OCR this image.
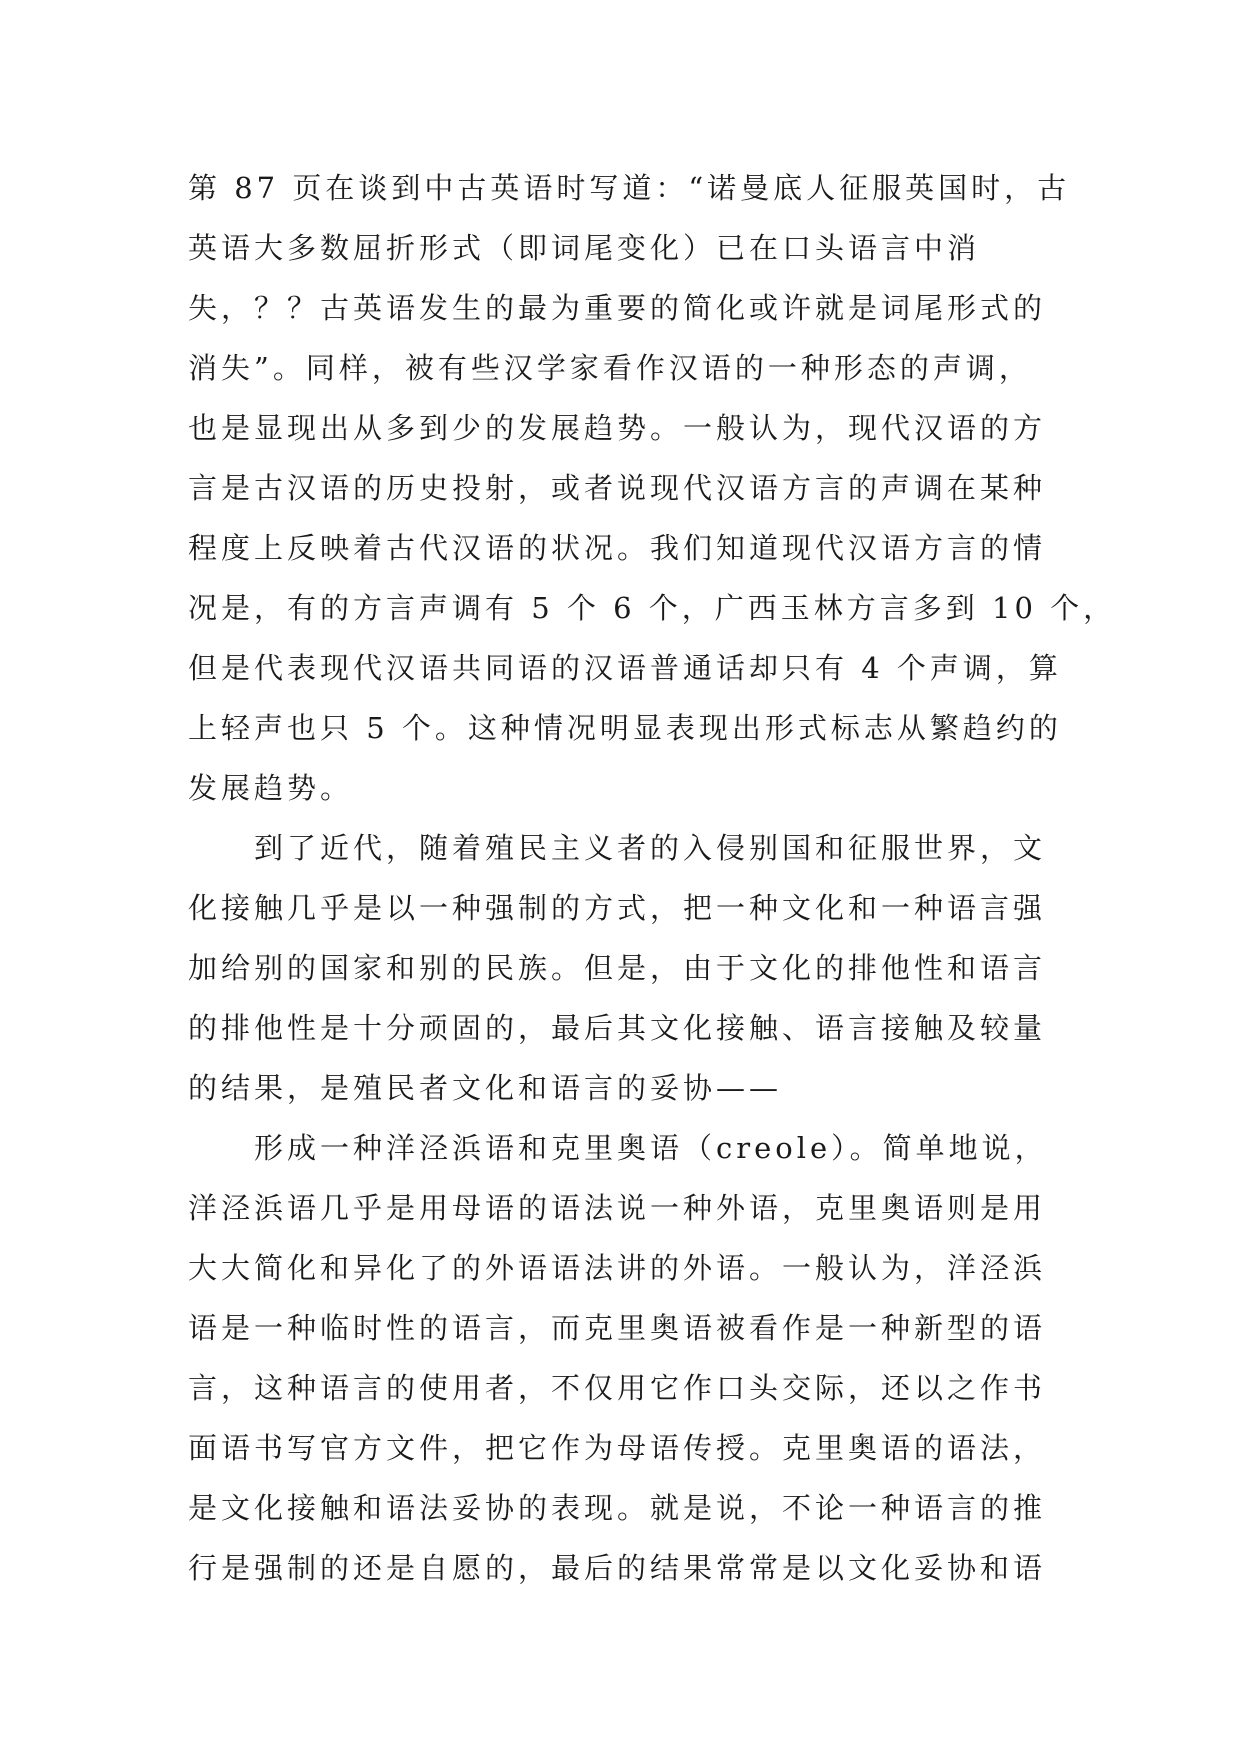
第 87 页在谈到中古英语时写道：“诺曼底人征服英国时，古
英语大多数屈折形式（即词尾变化）已在口头语言中消
失，？？古英语发生的最为重要的简化或许就是词尾形式的
消失”。同样，被有些汉学家看作汉语的一种形态的声调，
也是显现出从多到少的发展趋势。一般认为，现代汉语的方
言是古汉语的历史投射，或者说现代汉语方言的声调在某种
程度上反映着古代汉语的状况。我们知道现代汉语方言的情
况是，有的方言声调有 5 个 6 个，广西玉林方言多到 10 个，
但是代表现代汉语共同语的汉语普通话却只有 4 个声调，算
上轻声也只 5 个。这种情况明显表现出形式标志从繁趋约的
发展趋势。
　　到了近代，随着殖民主义者的入侵别国和征服世界，文
化接触几乎是以一种强制的方式，把一种文化和一种语言强
加给别的国家和别的民族。但是，由于文化的排他性和语言
的排他性是十分顽固的，最后其文化接触、语言接触及较量
的结果，是殖民者文化和语言的妥协——
　　形成一种洋泾浜语和克里奥语（creole）。简单地说，
洋泾浜语几乎是用母语的语法说一种外语，克里奥语则是用
大大简化和异化了的外语语法讲的外语。一般认为，洋泾浜
语是一种临时性的语言，而克里奥语被看作是一种新型的语
言，这种语言的使用者，不仅用它作口头交际，还以之作书
面语书写官方文件，把它作为母语传授。克里奥语的语法，
是文化接触和语法妥协的表现。就是说，不论一种语言的推
行是强制的还是自愿的，最后的结果常常是以文化妥协和语
